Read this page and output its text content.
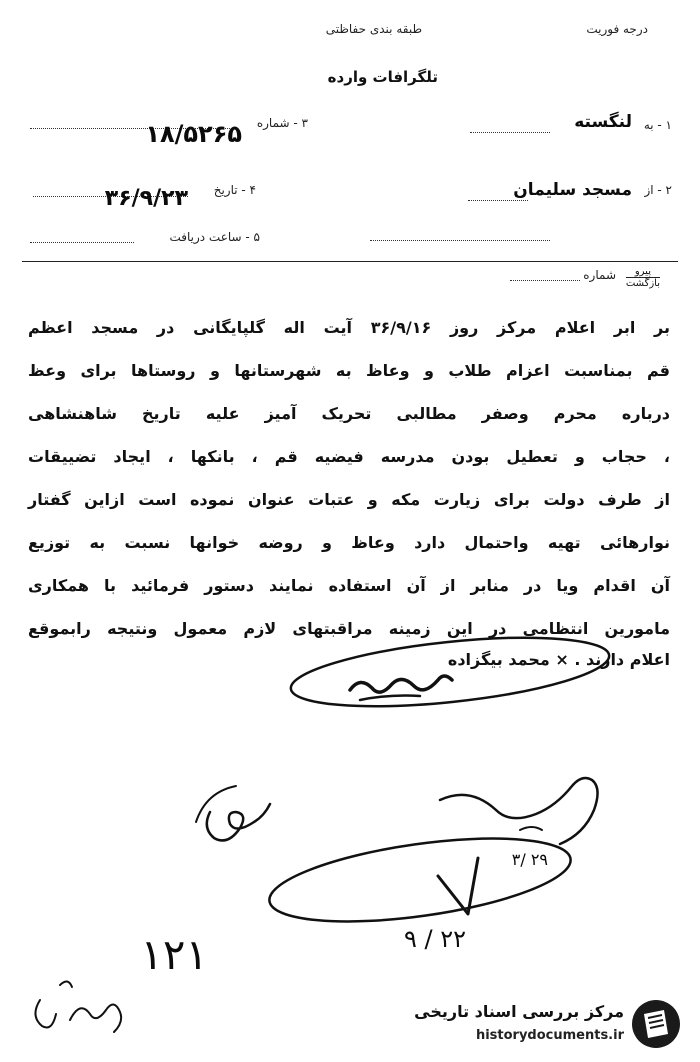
درجه فوریت
طبقه بندی حفاظتی
تلگرافات وارده
۱ - به
لنگسته
۳ - شماره
۱۸/۵۲۶۵
۲ - از
مسجد سلیمان
۴ - تاریخ
۳۶/۹/۲۳
۵ - ساعت دریافت
پیرو
بازگشت
شماره
بر ابر اعلام مرکز روز ۳۶/۹/۱۶ آیت اله گلپایگانی در مسجد اعظم
قم بمناسبت اعزام طلاب و وعاظ به شهرستانها و روستاها برای وعظ
درباره محرم وصفر مطالبی تحریک آمیز علیه تاریخ شاهنشاهی
، حجاب و تعطیل بودن مدرسه فیضیه قم ، بانکها ، ایجاد تضییقات
از طرف دولت برای زیارت مکه و عتبات عنوان نموده است ازاین گفتار
نوارهائی تهیه واحتمال دارد وعاظ و روضه خوانها نسبت به توزیع
آن اقدام ویا در منابر از آن استفاده نمایند دستور فرمائید با همکاری
مامورین انتظامی در این زمینه مراقبتهای لازم معمول ونتیجه رابموقع
اعلام دارند . × محمد بیگزاده
۲۹ /۳
۲۲ / ۹
۱۲۱
مرکز بررسی اسناد تاریخی
historydocuments.ir
